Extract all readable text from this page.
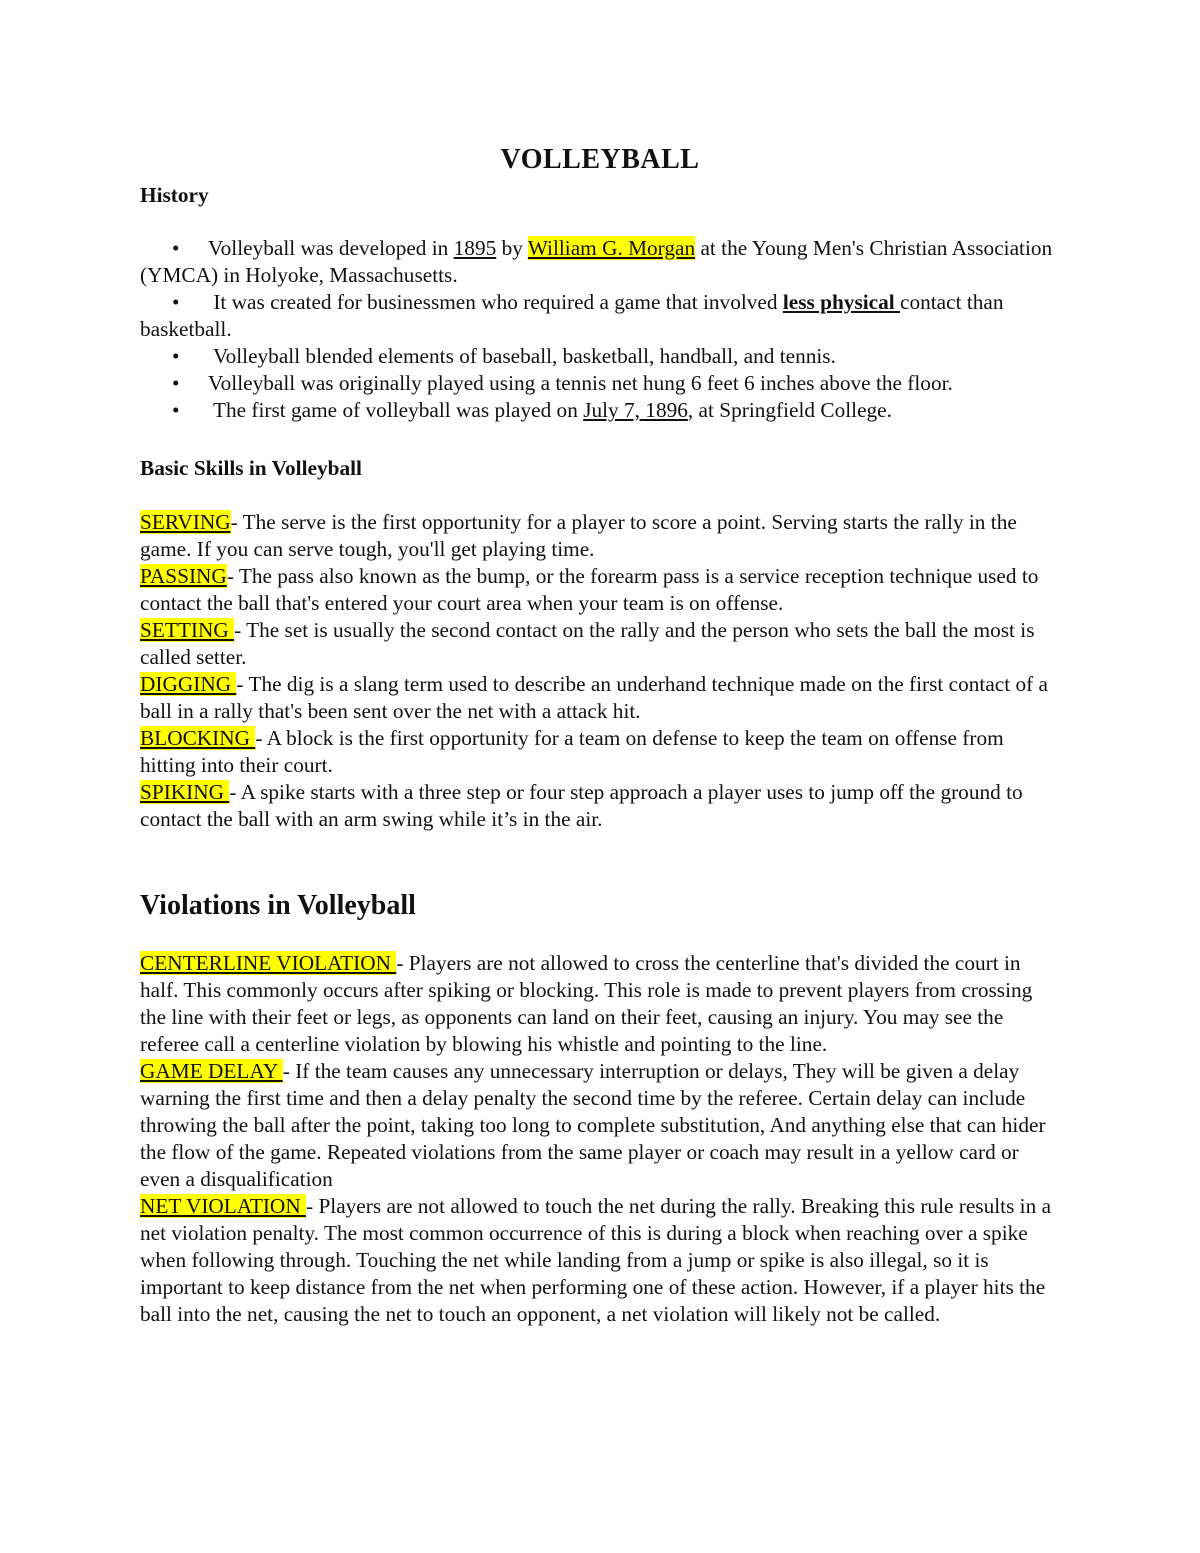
VOLLEYBALL
History
• Volleyball was developed in 1895 by William G. Morgan at the Young Men's Christian Association (YMCA) in Holyoke, Massachusetts.
• It was created for businessmen who required a game that involved less physical contact than basketball.
• Volleyball blended elements of baseball, basketball, handball, and tennis.
• Volleyball was originally played using a tennis net hung 6 feet 6 inches above the floor.
• The first game of volleyball was played on July 7, 1896, at Springfield College.
Basic Skills in Volleyball

SERVING- The serve is the first opportunity for a player to score a point. Serving starts the rally in the game. If you can serve tough, you'll get playing time.

PASSING- The pass also known as the bump, or the forearm pass is a service reception technique used to contact the ball that's entered your court area when your team is on offense.

SETTING - The set is usually the second contact on the rally and the person who sets the ball the most is called setter.

DIGGING - The dig is a slang term used to describe an underhand technique made on the first contact of a ball in a rally that's been sent over the net with a attack hit.

BLOCKING - A block is the first opportunity for a team on defense to keep the team on offense from hitting into their court.

SPIKING - A spike starts with a three step or four step approach a player uses to jump off the ground to contact the ball with an arm swing while it’s in the air.

Violations in Volleyball

CENTERLINE VIOLATION - Players are not allowed to cross the centerline that's divided the court in half. This commonly occurs after spiking or blocking. This role is made to prevent players from crossing the line with their feet or legs, as opponents can land on their feet, causing an injury. You may see the referee call a centerline violation by blowing his whistle and pointing to the line.

GAME DELAY - If the team causes any unnecessary interruption or delays, They will be given a delay warning the first time and then a delay penalty the second time by the referee. Certain delay can include throwing the ball after the point, taking too long to complete substitution, And anything else that can hider the flow of the game. Repeated violations from the same player or coach may result in a yellow card or even a disqualification

NET VIOLATION - Players are not allowed to touch the net during the rally. Breaking this rule results in a net violation penalty. The most common occurrence of this is during a block when reaching over a spike when following through. Touching the net while landing from a jump or spike is also illegal, so it is important to keep distance from the net when performing one of these action. However, if a player hits the ball into the net, causing the net to touch an opponent, a net violation will likely not be called.
